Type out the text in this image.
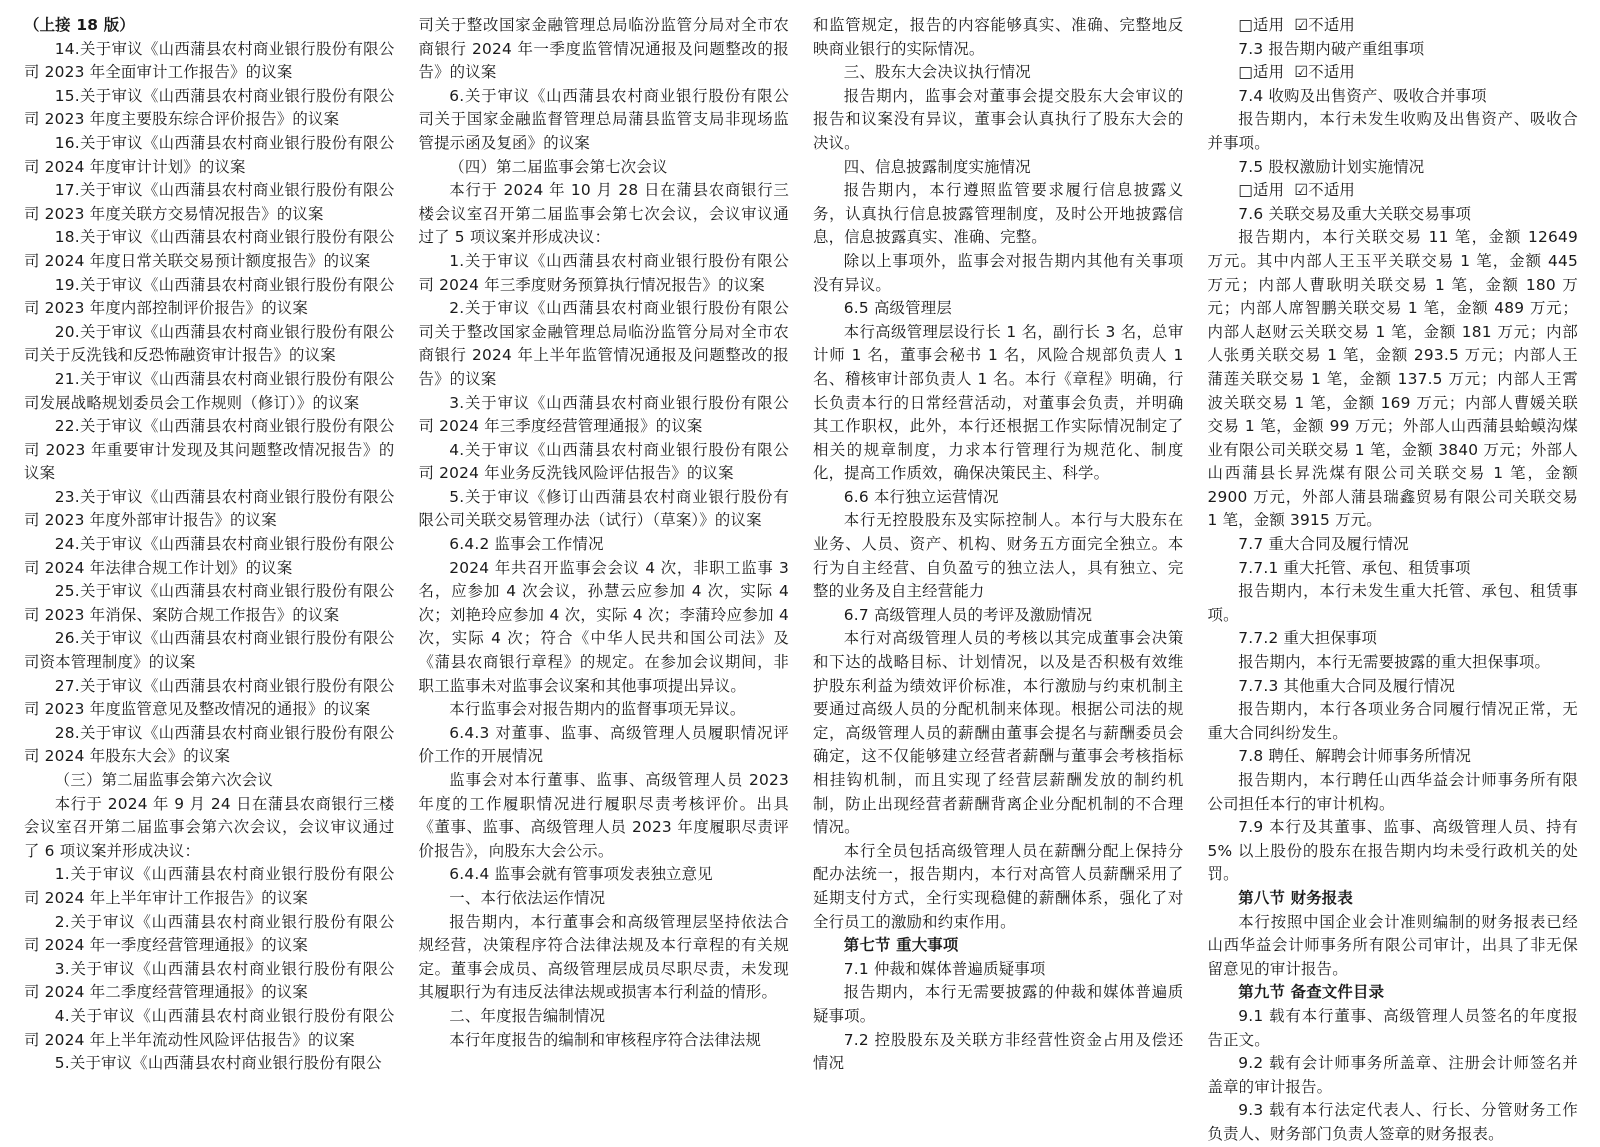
（上接 18 版）

14.关于审议《山西蒲县农村商业银行股份有限公司 2023 年全面审计工作报告》的议案

15.关于审议《山西蒲县农村商业银行股份有限公司 2023 年度主要股东综合评价报告》的议案

16.关于审议《山西蒲县农村商业银行股份有限公司 2024 年度审计计划》的议案

17.关于审议《山西蒲县农村商业银行股份有限公司 2023 年度关联方交易情况报告》的议案

18.关于审议《山西蒲县农村商业银行股份有限公司 2024 年度日常关联交易预计额度报告》的议案

19.关于审议《山西蒲县农村商业银行股份有限公司 2023 年度内部控制评价报告》的议案

20.关于审议《山西蒲县农村商业银行股份有限公司关于反洗钱和反恐怖融资审计报告》的议案

21.关于审议《山西蒲县农村商业银行股份有限公司发展战略规划委员会工作规则（修订）》的议案

22.关于审议《山西蒲县农村商业银行股份有限公司 2023 年重要审计发现及其问题整改情况报告》的议案

23.关于审议《山西蒲县农村商业银行股份有限公司 2023 年度外部审计报告》的议案

24.关于审议《山西蒲县农村商业银行股份有限公司 2024 年法律合规工作计划》的议案

25.关于审议《山西蒲县农村商业银行股份有限公司 2023 年消保、案防合规工作报告》的议案

26.关于审议《山西蒲县农村商业银行股份有限公司资本管理制度》的议案

27.关于审议《山西蒲县农村商业银行股份有限公司 2023 年度监管意见及整改情况的通报》的议案

28.关于审议《山西蒲县农村商业银行股份有限公司 2024 年股东大会》的议案

（三）第二届监事会第六次会议

本行于 2024 年 9 月 24 日在蒲县农商银行三楼会议室召开第二届监事会第六次会议，会议审议通过了 6 项议案并形成决议：

1.关于审议《山西蒲县农村商业银行股份有限公司 2024 年上半年审计工作报告》的议案

2.关于审议《山西蒲县农村商业银行股份有限公司 2024 年一季度经营管理通报》的议案

3.关于审议《山西蒲县农村商业银行股份有限公司 2024 年二季度经营管理通报》的议案

4.关于审议《山西蒲县农村商业银行股份有限公司 2024 年上半年流动性风险评估报告》的议案

5.关于审议《山西蒲县农村商业银行股份有限公

司关于整改国家金融管理总局临汾监管分局对全市农商银行 2024 年一季度监管情况通报及问题整改的报告》的议案

6.关于审议《山西蒲县农村商业银行股份有限公司关于国家金融监督管理总局蒲县监管支局非现场监管提示函及复函》的议案

（四）第二届监事会第七次会议

本行于 2024 年 10 月 28 日在蒲县农商银行三楼会议室召开第二届监事会第七次会议，会议审议通过了 5 项议案并形成决议：

1.关于审议《山西蒲县农村商业银行股份有限公司 2024 年三季度财务预算执行情况报告》的议案

2.关于审议《山西蒲县农村商业银行股份有限公司关于整改国家金融管理总局临汾监管分局对全市农商银行 2024 年上半年监管情况通报及问题整改的报告》的议案

3.关于审议《山西蒲县农村商业银行股份有限公司 2024 年三季度经营管理通报》的议案

4.关于审议《山西蒲县农村商业银行股份有限公司 2024 年业务反洗钱风险评估报告》的议案

5.关于审议《修订山西蒲县农村商业银行股份有限公司关联交易管理办法（试行）（草案）》的议案

6.4.2 监事会工作情况

2024 年共召开监事会会议 4 次，非职工监事 3 名，应参加 4 次会议，孙慧云应参加 4 次，实际 4 次；刘艳玲应参加 4 次，实际 4 次；李蒲玲应参加 4 次，实际 4 次；符合《中华人民共和国公司法》及《蒲县农商银行章程》的规定。在参加会议期间，非职工监事未对监事会议案和其他事项提出异议。

本行监事会对报告期内的监督事项无异议。

6.4.3 对董事、监事、高级管理人员履职情况评价工作的开展情况

监事会对本行董事、监事、高级管理人员 2023 年度的工作履职情况进行履职尽责考核评价。出具《董事、监事、高级管理人员 2023 年度履职尽责评价报告》，向股东大会公示。

6.4.4 监事会就有管事项发表独立意见

一、本行依法运作情况

报告期内，本行董事会和高级管理层坚持依法合规经营，决策程序符合法律法规及本行章程的有关规定。董事会成员、高级管理层成员尽职尽责，未发现其履职行为有违反法律法规或损害本行利益的情形。

二、年度报告编制情况

本行年度报告的编制和审核程序符合法律法规

和监管规定，报告的内容能够真实、准确、完整地反映商业银行的实际情况。

三、股东大会决议执行情况

报告期内，监事会对董事会提交股东大会审议的报告和议案没有异议，董事会认真执行了股东大会的决议。

四、信息披露制度实施情况

报告期内，本行遵照监管要求履行信息披露义务，认真执行信息披露管理制度，及时公开地披露信息，信息披露真实、准确、完整。

除以上事项外，监事会对报告期内其他有关事项没有异议。

6.5 高级管理层

本行高级管理层设行长 1 名，副行长 3 名，总审计师 1 名，董事会秘书 1 名，风险合规部负责人 1 名、稽核审计部负责人 1 名。本行《章程》明确，行长负责本行的日常经营活动，对董事会负责，并明确其工作职权，此外，本行还根据工作实际情况制定了相关的规章制度，力求本行管理行为规范化、制度化，提高工作质效，确保决策民主、科学。

6.6 本行独立运营情况

本行无控股股东及实际控制人。本行与大股东在业务、人员、资产、机构、财务五方面完全独立。本行为自主经营、自负盈亏的独立法人，具有独立、完整的业务及自主经营能力

6.7 高级管理人员的考评及激励情况

本行对高级管理人员的考核以其完成董事会决策和下达的战略目标、计划情况，以及是否积极有效维护股东利益为绩效评价标准，本行激励与约束机制主要通过高级人员的分配机制来体现。根据公司法的规定，高级管理人员的薪酬由董事会提名与薪酬委员会确定，这不仅能够建立经营者薪酬与董事会考核指标相挂钩机制，而且实现了经营层薪酬发放的制约机制，防止出现经营者薪酬背离企业分配机制的不合理情况。

本行全员包括高级管理人员在薪酬分配上保持分配办法统一，报告期内，本行对高管人员薪酬采用了延期支付方式，全行实现稳健的薪酬体系，强化了对全行员工的激励和约束作用。

第七节 重大事项

7.1 仲裁和媒体普遍质疑事项

报告期内，本行无需要披露的仲裁和媒体普遍质疑事项。

7.2 控股股东及关联方非经营性资金占用及偿还情况

□适用 ☑不适用

7.3 报告期内破产重组事项

□适用 ☑不适用

7.4 收购及出售资产、吸收合并事项

报告期内，本行未发生收购及出售资产、吸收合并事项。

7.5 股权激励计划实施情况

□适用 ☑不适用

7.6 关联交易及重大关联交易事项

报告期内，本行关联交易 11 笔，金额 12649 万元。其中内部人王玉平关联交易 1 笔，金额 445 万元；内部人曹耿明关联交易 1 笔，金额 180 万元；内部人席智鹏关联交易 1 笔，金额 489 万元；内部人赵财云关联交易 1 笔，金额 181 万元；内部人张勇关联交易 1 笔，金额 293.5 万元；内部人王蒲莲关联交易 1 笔，金额 137.5 万元；内部人王霄波关联交易 1 笔，金额 169 万元；内部人曹媛关联交易 1 笔，金额 99 万元；外部人山西蒲县蛤蟆沟煤业有限公司关联交易 1 笔，金额 3840 万元；外部人山西蒲县长昇洗煤有限公司关联交易 1 笔，金额 2900 万元，外部人蒲县瑞鑫贸易有限公司关联交易 1 笔，金额 3915 万元。

7.7 重大合同及履行情况

7.7.1 重大托管、承包、租赁事项

报告期内，本行未发生重大托管、承包、租赁事项。

7.7.2 重大担保事项

报告期内，本行无需要披露的重大担保事项。

7.7.3 其他重大合同及履行情况

报告期内，本行各项业务合同履行情况正常，无重大合同纠纷发生。

7.8 聘任、解聘会计师事务所情况

报告期内，本行聘任山西华益会计师事务所有限公司担任本行的审计机构。

7.9 本行及其董事、监事、高级管理人员、持有 5% 以上股份的股东在报告期内均未受行政机关的处罚。

第八节 财务报表

本行按照中国企业会计准则编制的财务报表已经山西华益会计师事务所有限公司审计，出具了非无保留意见的审计报告。

第九节 备查文件目录

9.1 载有本行董事、高级管理人员签名的年度报告正文。

9.2 载有会计师事务所盖章、注册会计师签名并盖章的审计报告。

9.3 载有本行法定代表人、行长、分管财务工作负责人、财务部门负责人签章的财务报表。
